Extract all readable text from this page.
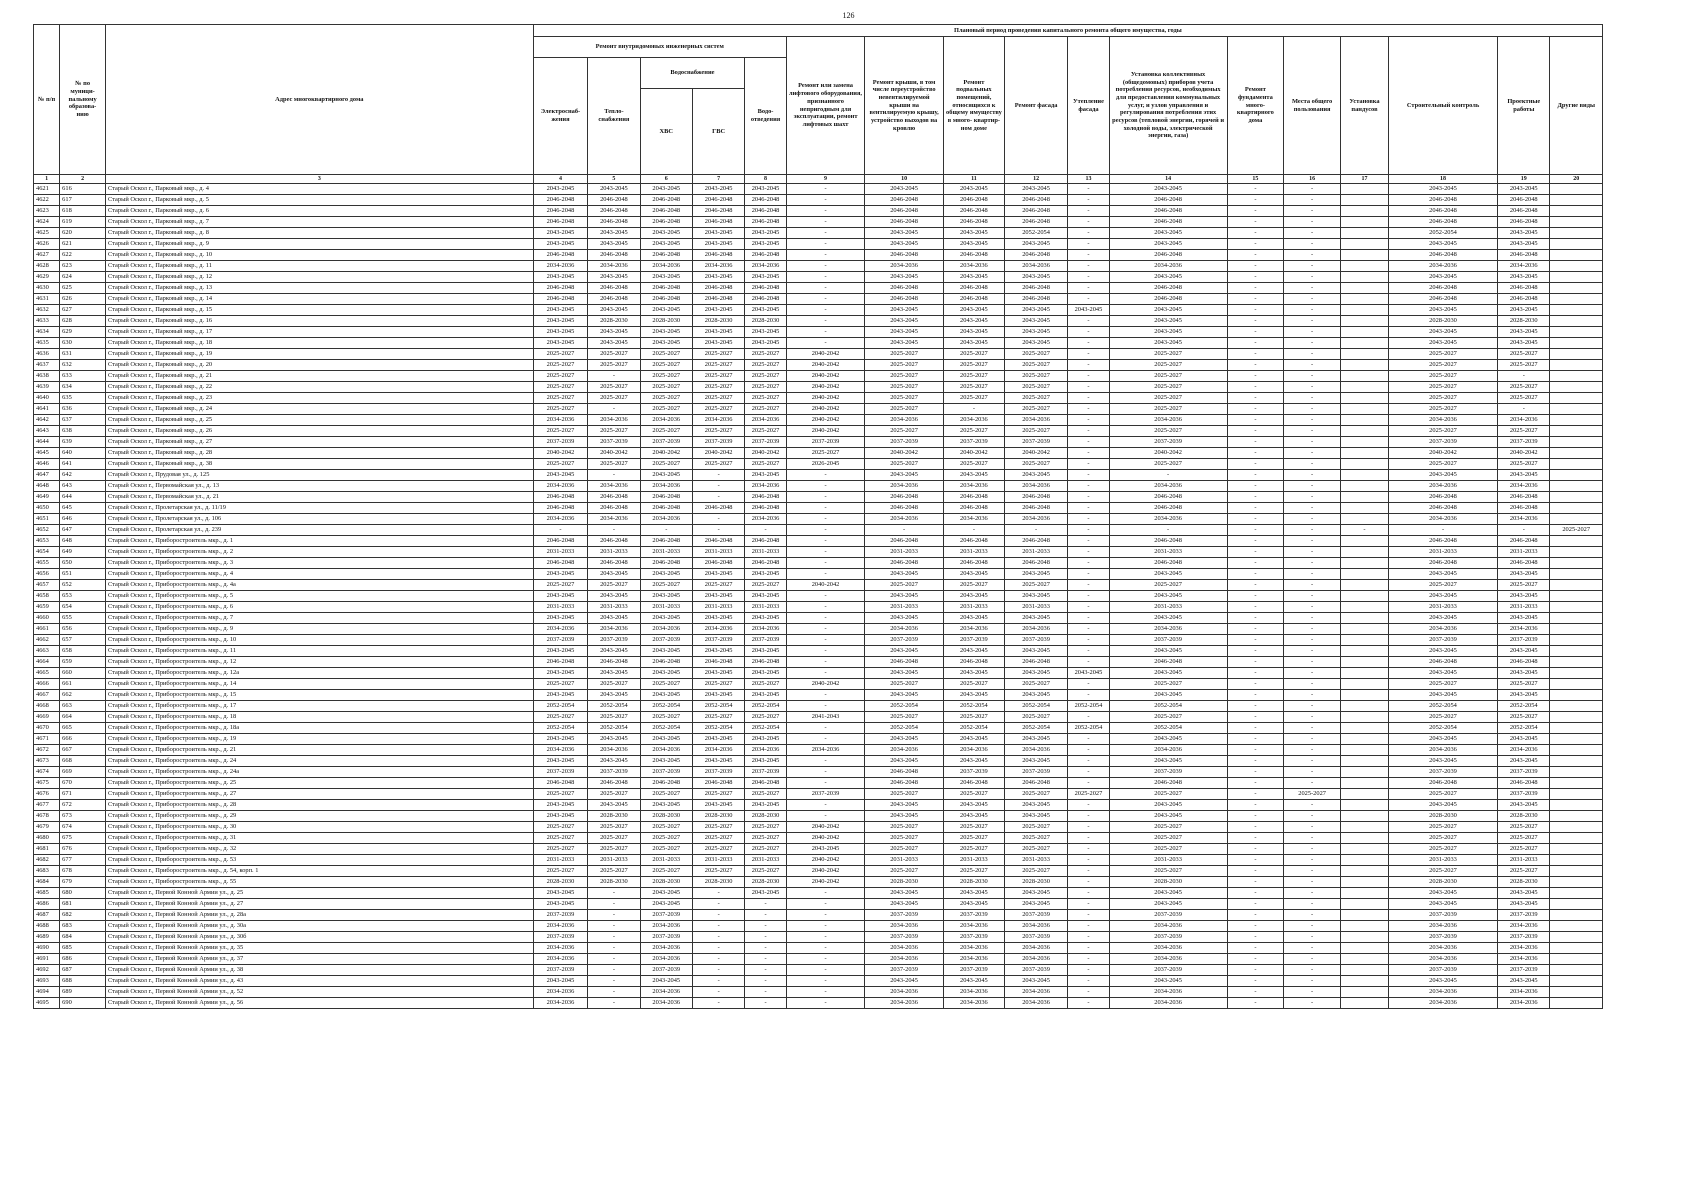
126
№ п/п	№ по муници- пальному образова- нию	Адрес многоквартирного дома	Плановый период проведения капитального ремонта общего имущества, годы																
			Ремонт внутридомовых инженерных систем					Ремонт или замена лифтового оборудования, признанного непригодным для эксплуатации, ремонт лифтовых шахт	Ремонт крыши, в том числе переустройство невентилируемой крыши на вентилируемую крышу, устройство выходов на кровлю	Ремонт подвальных помещений, относящихся к общему имуществу в много- квартир- ном доме	Ремонт фасада	Утепление фасада	Установка коллективных (общедомовых) приборов учета потребления ресурсов, необходимых для предоставления коммунальных услуг, и узлов управления и регулирования потребления этих ресурсов (тепловой энергии, горячей и холодной воды, электрической энергии, газа)	Ремонт фундамента много- квартирного дома	Места общего пользования	Установка пандусов	Строительный контроль	Проектные работы	Другие виды
			Электроснаб- жения	Тепло- снабжения	Водоснабжение		Водо- отведения												
					ХВС	ГВС													
1	2	3	4	5	6	7	8	9	10	11	12	13	14	15	16	17	18	19	20
4621	616	Старый Оскол г., Парковый мкр., д. 4	2043-2045	2043-2045	2043-2045	2043-2045	2043-2045	-	2043-2045	2043-2045	2043-2045	-	2043-2045	-	-		2043-2045	2043-2045	
4622	617	Старый Оскол г., Парковый мкр., д. 5	2046-2048	2046-2048	2046-2048	2046-2048	2046-2048	-	2046-2048	2046-2048	2046-2048	-	2046-2048	-	-		2046-2048	2046-2048	
4623	618	Старый Оскол г., Парковый мкр., д. 6	2046-2048	2046-2048	2046-2048	2046-2048	2046-2048	-	2046-2048	2046-2048	2046-2048	-	2046-2048	-	-		2046-2048	2046-2048	
4624	619	Старый Оскол г., Парковый мкр., д. 7	2046-2048	2046-2048	2046-2048	2046-2048	2046-2048	-	2046-2048	2046-2048	2046-2048	-	2046-2048	-	-		2046-2048	2046-2048	
4625	620	Старый Оскол г., Парковый мкр., д. 8	2043-2045	2043-2045	2043-2045	2043-2045	2043-2045	-	2043-2045	2043-2045	2052-2054	-	2043-2045	-	-		2052-2054	2043-2045	
4626	621	Старый Оскол г., Парковый мкр., д. 9	2043-2045	2043-2045	2043-2045	2043-2045	2043-2045	-	2043-2045	2043-2045	2043-2045	-	2043-2045	-	-		2043-2045	2043-2045	
4627	622	Старый Оскол г., Парковый мкр., д. 10	2046-2048	2046-2048	2046-2048	2046-2048	2046-2048	-	2046-2048	2046-2048	2046-2048	-	2046-2048	-	-		2046-2048	2046-2048	
4628	623	Старый Оскол г., Парковый мкр., д. 11	2034-2036	2034-2036	2034-2036	2034-2036	2034-2036	-	2034-2036	2034-2036	2034-2036	-	2034-2036	-	-		2034-2036	2034-2036	
4629	624	Старый Оскол г., Парковый мкр., д. 12	2043-2045	2043-2045	2043-2045	2043-2045	2043-2045	-	2043-2045	2043-2045	2043-2045	-	2043-2045	-	-		2043-2045	2043-2045	
4630	625	Старый Оскол г., Парковый мкр., д. 13	2046-2048	2046-2048	2046-2048	2046-2048	2046-2048	-	2046-2048	2046-2048	2046-2048	-	2046-2048	-	-		2046-2048	2046-2048	
4631	626	Старый Оскол г., Парковый мкр., д. 14	2046-2048	2046-2048	2046-2048	2046-2048	2046-2048	-	2046-2048	2046-2048	2046-2048	-	2046-2048	-	-		2046-2048	2046-2048	
4632	627	Старый Оскол г., Парковый мкр., д. 15	2043-2045	2043-2045	2043-2045	2043-2045	2043-2045	-	2043-2045	2043-2045	2043-2045	2043-2045	2043-2045	-	-		2043-2045	2043-2045	
4633	628	Старый Оскол г., Парковый мкр., д. 16	2043-2045	2028-2030	2028-2030	2028-2030	2028-2030	-	2043-2045	2043-2045	2043-2045	-	2043-2045	-	-		2028-2030	2028-2030	
4634	629	Старый Оскол г., Парковый мкр., д. 17	2043-2045	2043-2045	2043-2045	2043-2045	2043-2045	-	2043-2045	2043-2045	2043-2045	-	2043-2045	-	-		2043-2045	2043-2045	
4635	630	Старый Оскол г., Парковый мкр., д. 18	2043-2045	2043-2045	2043-2045	2043-2045	2043-2045	-	2043-2045	2043-2045	2043-2045	-	2043-2045	-	-		2043-2045	2043-2045	
4636	631	Старый Оскол г., Парковый мкр., д. 19	2025-2027	2025-2027	2025-2027	2025-2027	2025-2027	2040-2042	2025-2027	2025-2027	2025-2027	-	2025-2027	-	-		2025-2027	2025-2027	
4637	632	Старый Оскол г., Парковый мкр., д. 20	2025-2027	2025-2027	2025-2027	2025-2027	2025-2027	2040-2042	2025-2027	2025-2027	2025-2027	-	2025-2027	-	-		2025-2027	2025-2027	
4638	633	Старый Оскол г., Парковый мкр., д. 21	2025-2027	-	2025-2027	2025-2027	2025-2027	2040-2042	2025-2027	2025-2027	2025-2027	-	2025-2027	-	-		2025-2027	-	
4639	634	Старый Оскол г., Парковый мкр., д. 22	2025-2027	2025-2027	2025-2027	2025-2027	2025-2027	2040-2042	2025-2027	2025-2027	2025-2027	-	2025-2027	-	-		2025-2027	2025-2027	
4640	635	Старый Оскол г., Парковый мкр., д. 23	2025-2027	2025-2027	2025-2027	2025-2027	2025-2027	2040-2042	2025-2027	2025-2027	2025-2027	-	2025-2027	-	-		2025-2027	2025-2027	
4641	636	Старый Оскол г., Парковый мкр., д. 24	2025-2027	-	2025-2027	2025-2027	2025-2027	2040-2042	2025-2027	-	2025-2027	-	2025-2027	-	-		2025-2027	-	
4642	637	Старый Оскол г., Парковый мкр., д. 25	2034-2036	2034-2036	2034-2036	2034-2036	2034-2036	2040-2042	2034-2036	2034-2036	2034-2036	-	2034-2036	-	-		2034-2036	2034-2036	
4643	638	Старый Оскол г., Парковый мкр., д. 26	2025-2027	2025-2027	2025-2027	2025-2027	2025-2027	2040-2042	2025-2027	2025-2027	2025-2027	-	2025-2027	-	-		2025-2027	2025-2027	
4644	639	Старый Оскол г., Парковый мкр., д. 27	2037-2039	2037-2039	2037-2039	2037-2039	2037-2039	2037-2039	2037-2039	2037-2039	2037-2039	-	2037-2039	-	-		2037-2039	2037-2039	
4645	640	Старый Оскол г., Парковый мкр., д. 28	2040-2042	2040-2042	2040-2042	2040-2042	2040-2042	2025-2027	2040-2042	2040-2042	2040-2042	-	2040-2042	-	-		2040-2042	2040-2042	
4646	641	Старый Оскол г., Парковый мкр., д. 38	2025-2027	2025-2027	2025-2027	2025-2027	2025-2027	2026-2045	2025-2027	2025-2027	2025-2027	-	2025-2027	-	-		2025-2027	2025-2027	
4647	642	Старый Оскол г., Прудовая ул., д. 125	2043-2045	-	2043-2045	-	2043-2045	-	2043-2045	2043-2045	2043-2045	-	-	-	-		2043-2045	2043-2045	
4648	643	Старый Оскол г., Первомайская ул., д. 13	2034-2036	2034-2036	2034-2036	-	2034-2036	-	2034-2036	2034-2036	2034-2036	-	2034-2036	-	-		2034-2036	2034-2036	
4649	644	Старый Оскол г., Первомайская ул., д. 21	2046-2048	2046-2048	2046-2048	-	2046-2048	-	2046-2048	2046-2048	2046-2048	-	2046-2048	-	-		2046-2048	2046-2048	
4650	645	Старый Оскол г., Пролетарская ул., д. 11/19	2046-2048	2046-2048	2046-2048	2046-2048	2046-2048	-	2046-2048	2046-2048	2046-2048	-	2046-2048	-	-		2046-2048	2046-2048	
4651	646	Старый Оскол г., Пролетарская ул., д. 106	2034-2036	2034-2036	2034-2036	-	2034-2036	-	2034-2036	2034-2036	2034-2036	-	2034-2036	-	-		2034-2036	2034-2036	
4652	647	Старый Оскол г., Пролетарская ул., д. 239	-	-	-	-	-	-	-	-	-	-	-	-	-	-	-	-	2025-2027
4653	648	Старый Оскол г., Приборостроитель мкр., д. 1	2046-2048	2046-2048	2046-2048	2046-2048	2046-2048	-	2046-2048	2046-2048	2046-2048	-	2046-2048	-	-		2046-2048	2046-2048	
4654	649	Старый Оскол г., Приборостроитель мкр., д. 2	2031-2033	2031-2033	2031-2033	2031-2033	2031-2033	-	2031-2033	2031-2033	2031-2033	-	2031-2033	-	-		2031-2033	2031-2033	
4655	650	Старый Оскол г., Приборостроитель мкр., д. 3	2046-2048	2046-2048	2046-2048	2046-2048	2046-2048	-	2046-2048	2046-2048	2046-2048	-	2046-2048	-	-		2046-2048	2046-2048	
4656	651	Старый Оскол г., Приборостроитель мкр., д. 4	2043-2045	2043-2045	2043-2045	2043-2045	2043-2045	-	2043-2045	2043-2045	2043-2045	-	2043-2045	-	-		2043-2045	2043-2045	
4657	652	Старый Оскол г., Приборостроитель мкр., д. 4а	2025-2027	2025-2027	2025-2027	2025-2027	2025-2027	2040-2042	2025-2027	2025-2027	2025-2027	-	2025-2027	-	-		2025-2027	2025-2027	
4658	653	Старый Оскол г., Приборостроитель мкр., д. 5	2043-2045	2043-2045	2043-2045	2043-2045	2043-2045	-	2043-2045	2043-2045	2043-2045	-	2043-2045	-	-		2043-2045	2043-2045	
4659	654	Старый Оскол г., Приборостроитель мкр., д. 6	2031-2033	2031-2033	2031-2033	2031-2033	2031-2033	-	2031-2033	2031-2033	2031-2033	-	2031-2033	-	-		2031-2033	2031-2033	
4660	655	Старый Оскол г., Приборостроитель мкр., д. 7	2043-2045	2043-2045	2043-2045	2043-2045	2043-2045	-	2043-2045	2043-2045	2043-2045	-	2043-2045	-	-		2043-2045	2043-2045	
4661	656	Старый Оскол г., Приборостроитель мкр., д. 9	2034-2036	2034-2036	2034-2036	2034-2036	2034-2036	-	2034-2036	2034-2036	2034-2036	-	2034-2036	-	-		2034-2036	2034-2036	
4662	657	Старый Оскол г., Приборостроитель мкр., д. 10	2037-2039	2037-2039	2037-2039	2037-2039	2037-2039	-	2037-2039	2037-2039	2037-2039	-	2037-2039	-	-		2037-2039	2037-2039	
4663	658	Старый Оскол г., Приборостроитель мкр., д. 11	2043-2045	2043-2045	2043-2045	2043-2045	2043-2045	-	2043-2045	2043-2045	2043-2045	-	2043-2045	-	-		2043-2045	2043-2045	
4664	659	Старый Оскол г., Приборостроитель мкр., д. 12	2046-2048	2046-2048	2046-2048	2046-2048	2046-2048	-	2046-2048	2046-2048	2046-2048	-	2046-2048	-	-		2046-2048	2046-2048	
4665	660	Старый Оскол г., Приборостроитель мкр., д. 12а	2043-2045	2043-2045	2043-2045	2043-2045	2043-2045	-	2043-2045	2043-2045	2043-2045	2043-2045	2043-2045	-	-		2043-2045	2043-2045	
4666	661	Старый Оскол г., Приборостроитель мкр., д. 14	2025-2027	2025-2027	2025-2027	2025-2027	2025-2027	2040-2042	2025-2027	2025-2027	2025-2027	-	2025-2027	-	-		2025-2027	2025-2027	
4667	662	Старый Оскол г., Приборостроитель мкр., д. 15	2043-2045	2043-2045	2043-2045	2043-2045	2043-2045	-	2043-2045	2043-2045	2043-2045	-	2043-2045	-	-		2043-2045	2043-2045	
4668	663	Старый Оскол г., Приборостроитель мкр., д. 17	2052-2054	2052-2054	2052-2054	2052-2054	2052-2054	-	2052-2054	2052-2054	2052-2054	2052-2054	2052-2054	-	-		2052-2054	2052-2054	
4669	664	Старый Оскол г., Приборостроитель мкр., д. 18	2025-2027	2025-2027	2025-2027	2025-2027	2025-2027	2041-2043	2025-2027	2025-2027	2025-2027	-	2025-2027	-	-		2025-2027	2025-2027	
4670	665	Старый Оскол г., Приборостроитель мкр., д. 18а	2052-2054	2052-2054	2052-2054	2052-2054	2052-2054	-	2052-2054	2052-2054	2052-2054	2052-2054	2052-2054	-	-		2052-2054	2052-2054	
4671	666	Старый Оскол г., Приборостроитель мкр., д. 19	2043-2045	2043-2045	2043-2045	2043-2045	2043-2045	-	2043-2045	2043-2045	2043-2045	-	2043-2045	-	-		2043-2045	2043-2045	
4672	667	Старый Оскол г., Приборостроитель мкр., д. 21	2034-2036	2034-2036	2034-2036	2034-2036	2034-2036	2034-2036	2034-2036	2034-2036	2034-2036	-	2034-2036	-	-		2034-2036	2034-2036	
4673	668	Старый Оскол г., Приборостроитель мкр., д. 24	2043-2045	2043-2045	2043-2045	2043-2045	2043-2045	-	2043-2045	2043-2045	2043-2045	-	2043-2045	-	-		2043-2045	2043-2045	
4674	669	Старый Оскол г., Приборостроитель мкр., д. 24а	2037-2039	2037-2039	2037-2039	2037-2039	2037-2039	-	2046-2048	2037-2039	2037-2039	-	2037-2039	-	-		2037-2039	2037-2039	
4675	670	Старый Оскол г., Приборостроитель мкр., д. 25	2046-2048	2046-2048	2046-2048	2046-2048	2046-2048	-	2046-2048	2046-2048	2046-2048	-	2046-2048	-	-		2046-2048	2046-2048	
4676	671	Старый Оскол г., Приборостроитель мкр., д. 27	2025-2027	2025-2027	2025-2027	2025-2027	2025-2027	2037-2039	2025-2027	2025-2027	2025-2027	2025-2027	2025-2027	-	2025-2027		2025-2027	2037-2039	
4677	672	Старый Оскол г., Приборостроитель мкр., д. 28	2043-2045	2043-2045	2043-2045	2043-2045	2043-2045	-	2043-2045	2043-2045	2043-2045	-	2043-2045	-	-		2043-2045	2043-2045	
4678	673	Старый Оскол г., Приборостроитель мкр., д. 29	2043-2045	2028-2030	2028-2030	2028-2030	2028-2030	-	2043-2045	2043-2045	2043-2045	-	2043-2045	-	-		2028-2030	2028-2030	
4679	674	Старый Оскол г., Приборостроитель мкр., д. 30	2025-2027	2025-2027	2025-2027	2025-2027	2025-2027	2040-2042	2025-2027	2025-2027	2025-2027	-	2025-2027	-	-		2025-2027	2025-2027	
4680	675	Старый Оскол г., Приборостроитель мкр., д. 31	2025-2027	2025-2027	2025-2027	2025-2027	2025-2027	2040-2042	2025-2027	2025-2027	2025-2027	-	2025-2027	-	-		2025-2027	2025-2027	
4681	676	Старый Оскол г., Приборостроитель мкр., д. 32	2025-2027	2025-2027	2025-2027	2025-2027	2025-2027	2043-2045	2025-2027	2025-2027	2025-2027	-	2025-2027	-	-		2025-2027	2025-2027	
4682	677	Старый Оскол г., Приборостроитель мкр., д. 53	2031-2033	2031-2033	2031-2033	2031-2033	2031-2033	2040-2042	2031-2033	2031-2033	2031-2033	-	2031-2033	-	-		2031-2033	2031-2033	
4683	678	Старый Оскол г., Приборостроитель мкр., д. 54, корп. 1	2025-2027	2025-2027	2025-2027	2025-2027	2025-2027	2040-2042	2025-2027	2025-2027	2025-2027	-	2025-2027	-	-		2025-2027	2025-2027	
4684	679	Старый Оскол г., Приборостроитель мкр., д. 55	2028-2030	2028-2030	2028-2030	2028-2030	2028-2030	2040-2042	2028-2030	2028-2030	2028-2030	-	2028-2030	-	-		2028-2030	2028-2030	
4685	680	Старый Оскол г., Первой Конной Армии ул., д. 25	2043-2045	-	2043-2045	-	2043-2045	-	2043-2045	2043-2045	2043-2045	-	2043-2045	-	-		2043-2045	2043-2045	
4686	681	Старый Оскол г., Первой Конной Армии ул., д. 27	2043-2045	-	2043-2045	-	-	-	2043-2045	2043-2045	2043-2045	-	2043-2045	-	-		2043-2045	2043-2045	
4687	682	Старый Оскол г., Первой Конной Армии ул., д. 28а	2037-2039	-	2037-2039	-	-	-	2037-2039	2037-2039	2037-2039	-	2037-2039	-	-		2037-2039	2037-2039	
4688	683	Старый Оскол г., Первой Конной Армии ул., д. 30а	2034-2036	-	2034-2036	-	-	-	2034-2036	2034-2036	2034-2036	-	2034-2036	-	-		2034-2036	2034-2036	
4689	684	Старый Оскол г., Первой Конной Армии ул., д. 30б	2037-2039	-	2037-2039	-	-	-	2037-2039	2037-2039	2037-2039	-	2037-2039	-	-		2037-2039	2037-2039	
4690	685	Старый Оскол г., Первой Конной Армии ул., д. 35	2034-2036	-	2034-2036	-	-	-	2034-2036	2034-2036	2034-2036	-	2034-2036	-	-		2034-2036	2034-2036	
4691	686	Старый Оскол г., Первой Конной Армии ул., д. 37	2034-2036	-	2034-2036	-	-	-	2034-2036	2034-2036	2034-2036	-	2034-2036	-	-		2034-2036	2034-2036	
4692	687	Старый Оскол г., Первой Конной Армии ул., д. 38	2037-2039	-	2037-2039	-	-	-	2037-2039	2037-2039	2037-2039	-	2037-2039	-	-		2037-2039	2037-2039	
4693	688	Старый Оскол г., Первой Конной Армии ул., д. 43	2043-2045	-	2043-2045	-	-	-	2043-2045	2043-2045	2043-2045	-	2043-2045	-	-		2043-2045	2043-2045	
4694	689	Старый Оскол г., Первой Конной Армии ул., д. 52	2034-2036	-	2034-2036	-	-	-	2034-2036	2034-2036	2034-2036	-	2034-2036	-	-		2034-2036	2034-2036	
4695	690	Старый Оскол г., Первой Конной Армии ул., д. 56	2034-2036	-	2034-2036	-	-	-	2034-2036	2034-2036	2034-2036	-	2034-2036	-	-		2034-2036	2034-2036	
